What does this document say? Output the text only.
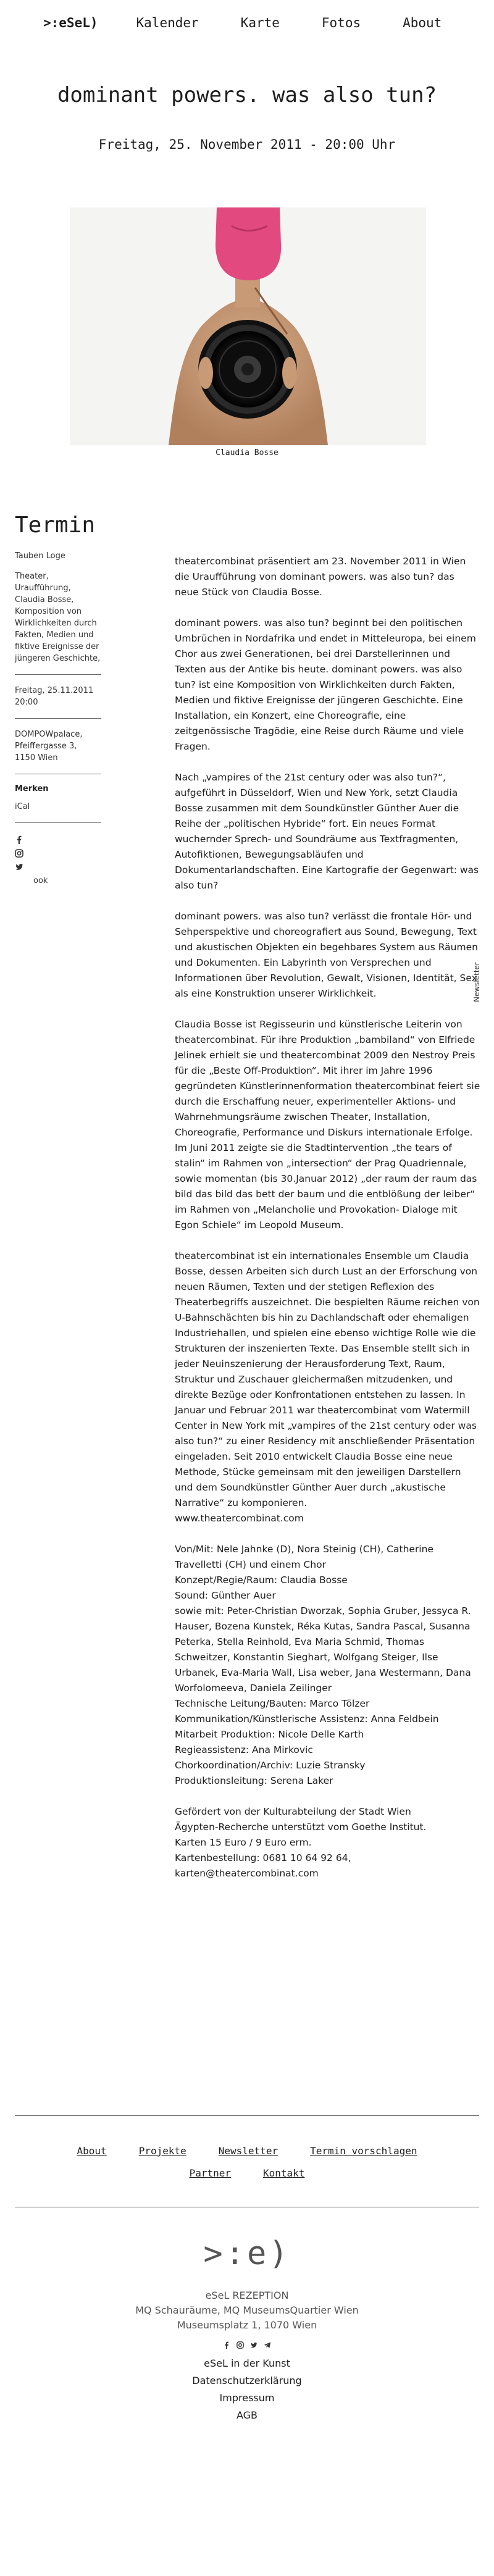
>:eSeL)	Kalender	Karte	Fotos	About
dominant powers. was also tun?
Freitag, 25. November 2011 - 20:00 Uhr
Claudia Bosse
Termin
Tauben Loge
Theater, Uraufführung, Claudia Bosse, Komposition von Wirklichkeiten durch Fakten, Medien und fiktive Ereignisse der jüngeren Geschichte,
Freitag, 25.11.2011
20:00
DOMPOWpalace,
Pfeiffergasse 3,
1150 Wien
Merken
iCal
ook
Newsletter

theatercombinat präsentiert am 23. November 2011 in Wien die Uraufführung von dominant powers. was also tun? das neue Stück von Claudia Bosse.

dominant powers. was also tun? beginnt bei den politischen Umbrüchen in Nordafrika und endet in Mitteleuropa, bei einem Chor aus zwei Generationen, bei drei Darstellerinnen und Texten aus der Antike bis heute. dominant powers. was also tun? ist eine Komposition von Wirklichkeiten durch Fakten, Medien und fiktive Ereignisse der jüngeren Geschichte. Eine Installation, ein Konzert, eine Choreografie, eine zeitgenössische Tragödie, eine Reise durch Räume und viele Fragen.

Nach „vampires of the 21st century oder was also tun?“, aufgeführt in Düsseldorf, Wien und New York, setzt Claudia Bosse zusammen mit dem Soundkünstler Günther Auer die Reihe der „politischen Hybride“ fort. Ein neues Format wuchernder Sprech- und Soundräume aus Textfragmenten, Autofiktionen, Bewegungsabläufen und Dokumentarlandschaften. Eine Kartografie der Gegenwart: was also tun?

dominant powers. was also tun? verlässt die frontale Hör- und Sehperspektive und choreografiert aus Sound, Bewegung, Text und akustischen Objekten ein begehbares System aus Räumen und Dokumenten. Ein Labyrinth von Versprechen und Informationen über Revolution, Gewalt, Visionen, Identität, Sex als eine Konstruktion unserer Wirklichkeit.

Claudia Bosse ist Regisseurin und künstlerische Leiterin von theatercombinat. Für ihre Produktion „bambiland“ von Elfriede Jelinek erhielt sie und theatercombinat 2009 den Nestroy Preis für die „Beste Off-Produktion“. Mit ihrer im Jahre 1996 gegründeten Künstlerinnenformation theatercombinat feiert sie durch die Erschaffung neuer, experimenteller Aktions- und Wahrnehmungsräume zwischen Theater, Installation, Choreografie, Performance und Diskurs internationale Erfolge. Im Juni 2011 zeigte sie die Stadtintervention „the tears of stalin“ im Rahmen von „intersection“ der Prag Quadriennale, sowie momentan (bis 30.Januar 2012) „der raum der raum das bild das bild das bett der baum und die entblößung der leiber“ im Rahmen von „Melancholie und Provokation- Dialoge mit Egon Schiele“ im Leopold Museum.

theatercombinat ist ein internationales Ensemble um Claudia Bosse, dessen Arbeiten sich durch Lust an der Erforschung von neuen Räumen, Texten und der stetigen Reflexion des Theaterbegriffs auszeichnet. Die bespielten Räume reichen von U-Bahnschächten bis hin zu Dachlandschaft oder ehemaligen Industriehallen, und spielen eine ebenso wichtige Rolle wie die Strukturen der inszenierten Texte. Das Ensemble stellt sich in jeder Neuinszenierung der Herausforderung Text, Raum, Struktur und Zuschauer gleichermaßen mitzudenken, und direkte Bezüge oder Konfrontationen entstehen zu lassen. In Januar und Februar 2011 war theatercombinat vom Watermill Center in New York mit „vampires of the 21st century oder was also tun?“ zu einer Residency mit anschließender Präsentation eingeladen. Seit 2010 entwickelt Claudia Bosse eine neue Methode, Stücke gemeinsam mit den jeweiligen Darstellern und dem Soundkünstler Günther Auer durch „akustische Narrative“ zu komponieren.

www.theatercombinat.com

Von/Mit: Nele Jahnke (D), Nora Steinig (CH), Catherine Travelletti (CH) und einem Chor

Konzept/Regie/Raum: Claudia Bosse

Sound: Günther Auer

sowie mit: Peter-Christian Dworzak, Sophia Gruber, Jessyca R. Hauser, Bozena Kunstek, Réka Kutas, Sandra Pascal, Susanna Peterka, Stella Reinhold, Eva Maria Schmid, Thomas Schweitzer, Konstantin Sieghart, Wolfgang Steiger, Ilse Urbanek, Eva-Maria Wall, Lisa weber, Jana Westermann, Dana Worfolomeeva, Daniela Zeilinger

Technische Leitung/Bauten: Marco Tölzer

Kommunikation/Künstlerische Assistenz: Anna Feldbein

Mitarbeit Produktion: Nicole Delle Karth

Regieassistenz: Ana Mirkovic

Chorkoordination/Archiv: Luzie Stransky

Produktionsleitung: Serena Laker

Gefördert von der Kulturabteilung der Stadt Wien

Ägypten-Recherche unterstützt vom Goethe Institut.

Karten 15 Euro / 9 Euro erm.

Kartenbestellung: 0681 10 64 92 64,

karten@theatercombinat.com

About	Projekte	Newsletter	Termin vorschlagen
Partner	Kontakt
>:e)
eSeL REZEPTION
MQ Schauräume, MQ MuseumsQuartier Wien
Museumsplatz 1, 1070 Wien
eSeL in der Kunst
Datenschutzerklärung
Impressum
AGB
